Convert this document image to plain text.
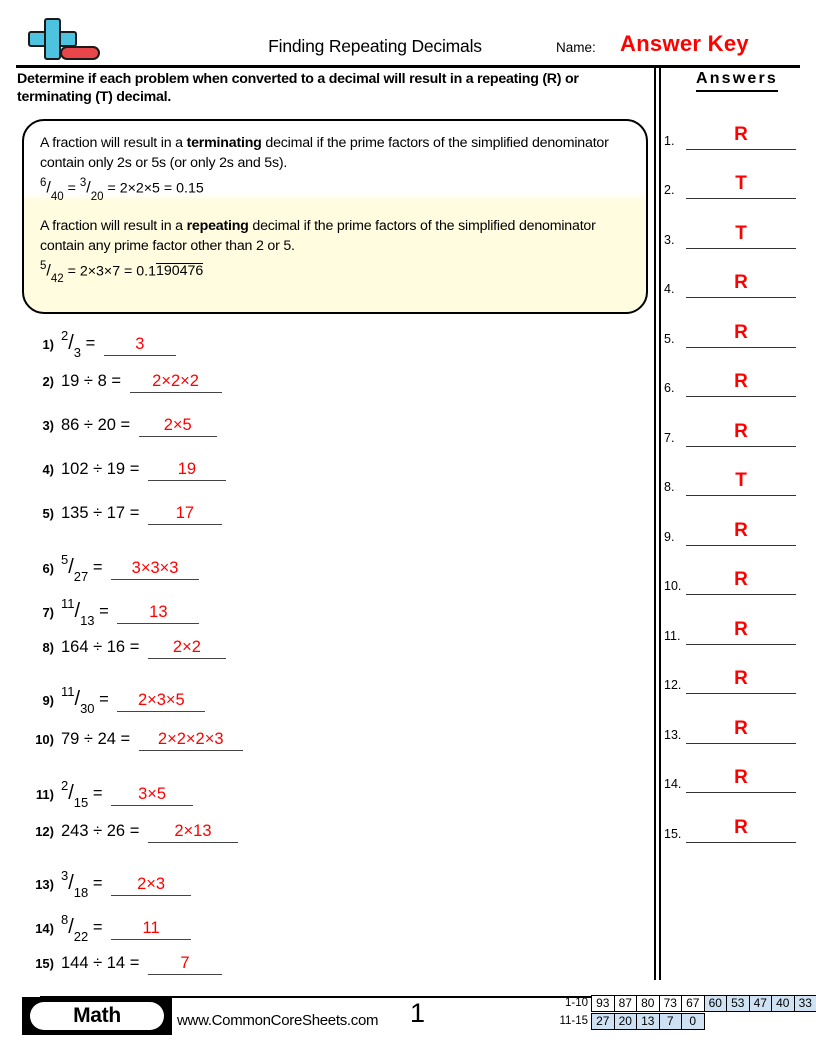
Finding Repeating Decimals	Name: Answer Key
Determine if each problem when converted to a decimal will result in a repeating (R) or terminating (T) decimal.
A fraction will result in a terminating decimal if the prime factors of the simplified denominator contain only 2s or 5s (or only 2s and 5s).
$^6/_{40} = ^3/_{20} = 2\times 2\times 5 = 0.15$
A fraction will result in a repeating decimal if the prime factors of the simplified denominator contain any prime factor other than 2 or 5.
$^5/_{42} = 2\times 3\times 7 = 0.1190476$
$1)^2/_3 = 3$
2) 19 ÷ 8 = 2×2×2
3) 86 ÷ 20 = 2×5
4) 102 ÷ 19 = 19
5) 135 ÷ 17 = 17
$6)^5/_{27} = 3\times 3\times 3$
$7)^{11}/_{13} = 13$
8) 164 ÷ 16 = 2×2
$9)^{11}/_{30} = 2\times 3\times 5$
10) 79 ÷ 24 = 2×2×2×3
$11)^2/_{15} = 3\times 5$
12) 243 ÷ 26 = 2×13
$13)^3/_{18} = 2\times 3$
$14)^8/_{22} = 11$
15) 144 ÷ 14 = 7
Answers
1.	R
2.	T
3.	T
4.	R
5.	R
6.	R
7.	R
8.	T
9.	R
10.	R
11.	R
12.	R
13.	R
14.	R
15.	R
Math	www.CommonCoreSheets.com 1	1-10 93 87 80 73 67 60 53 47 40 33
11-15 27 20 13	7	0
